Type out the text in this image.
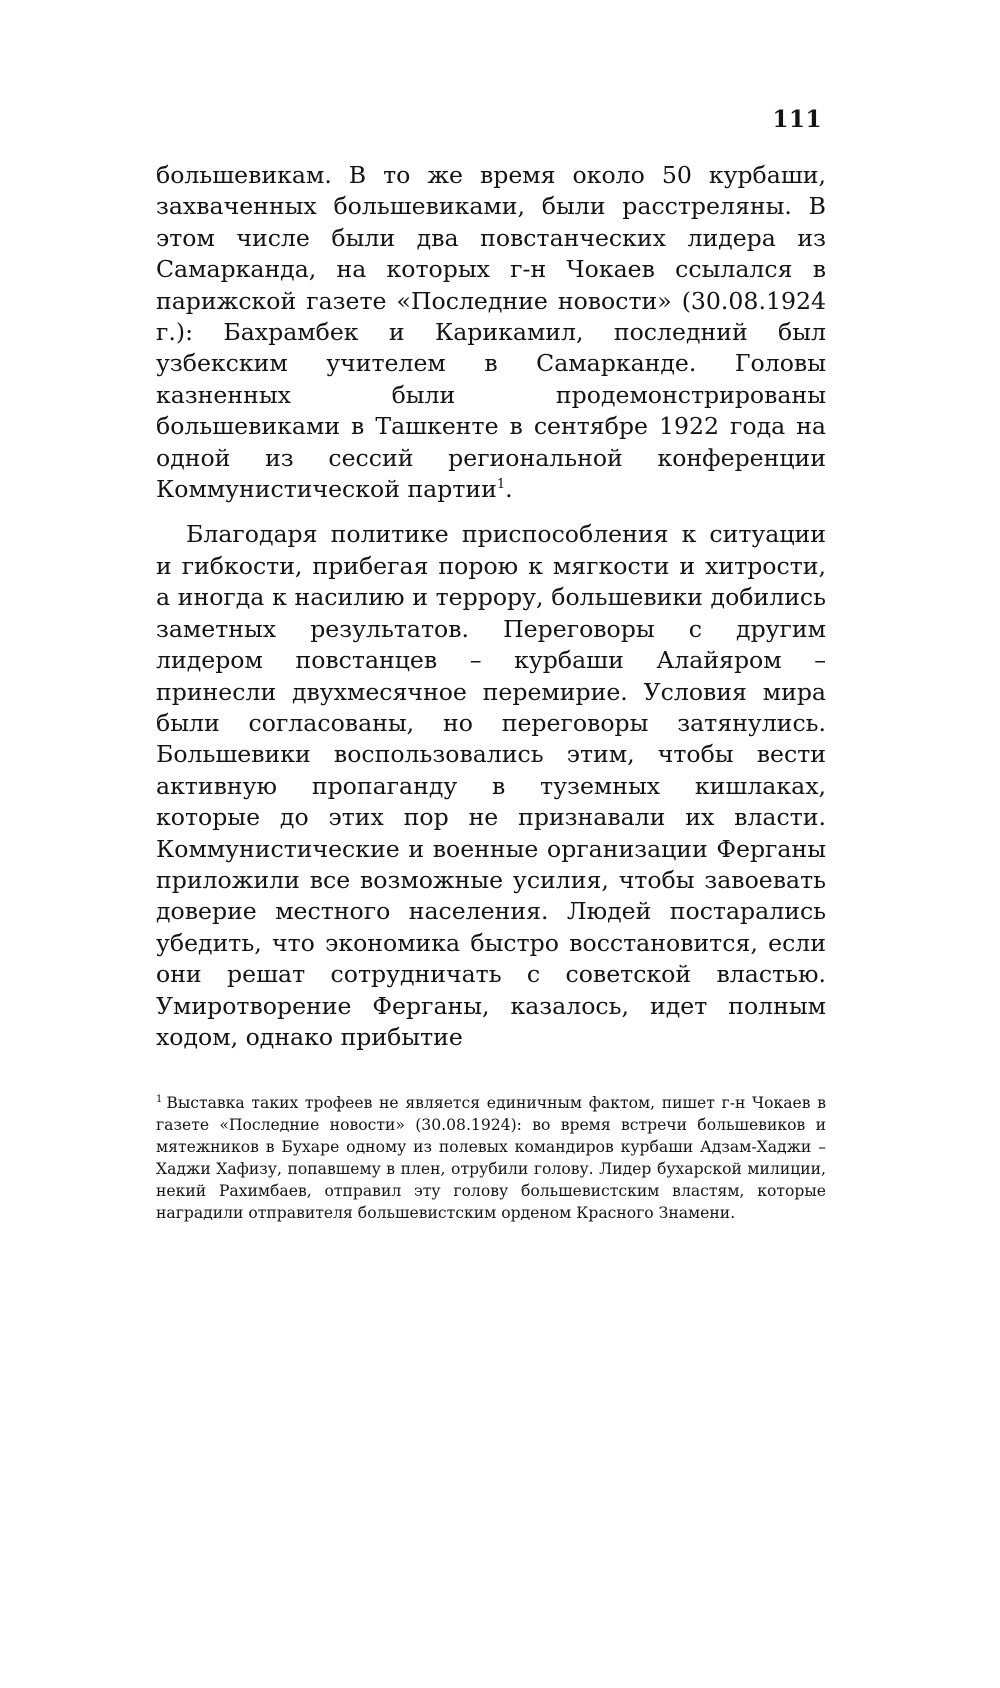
111

большевикам. В то же время около 50 курбаши, захваченных большевиками, были расстреляны. В этом числе были два повстанческих лидера из Самарканда, на которых г-н Чокаев ссылался в парижской газете «Последние новости» (30.08.1924 г.): Бахрамбек и Карикамил, последний был узбекским учителем в Самарканде. Головы казненных были продемонстрированы большевиками в Ташкенте в сентябре 1922 года на одной из сессий региональной конференции Коммунистической партии$^1$.

Благодаря политике приспособления к ситуации и гибкости, прибегая порою к мягкости и хитрости, а иногда к насилию и террору, большевики добились заметных результатов. Переговоры с другим лидером повстанцев – курбаши Алайяром – принесли двухмесячное перемирие. Условия мира были согласованы, но переговоры затянулись. Большевики воспользовались этим, чтобы вести активную пропаганду в туземных кишлаках, которые до этих пор не признавали их власти. Коммунистические и военные организации Ферганы приложили все возможные усилия, чтобы завоевать доверие местного населения. Людей постарались убедить, что экономика быстро восстановится, если они решат сотрудничать с советской властью. Умиротворение Ферганы, казалось, идет полным ходом, однако прибытие

$^1$ Выставка таких трофеев не является единичным фактом, пишет г-н Чокаев в газете «Последние новости» (30.08.1924): во время встречи большевиков и мятежников в Бухаре одному из полевых командиров курбаши Адзам-Хаджи – Хаджи Хафизу, попавшему в плен, отрубили голову. Лидер бухарской милиции, некий Рахимбаев, отправил эту голову большевистским властям, которые наградили отправителя большевистским орденом Красного Знамени.
